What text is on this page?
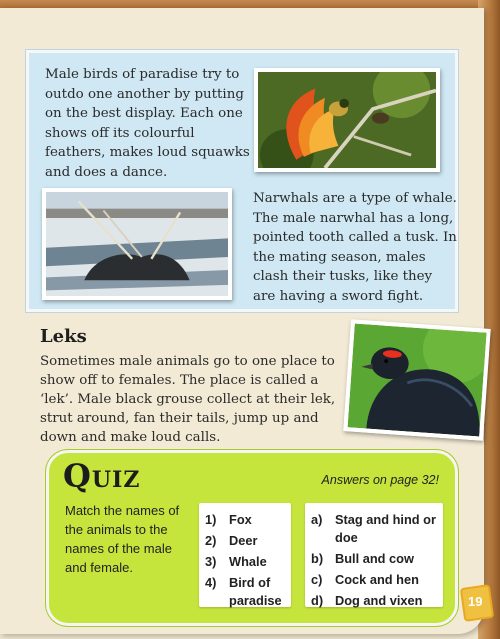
Male birds of paradise try to outdo one another by putting on the best display. Each one shows off its colourful feathers, makes loud squawks and does a dance.

Narwhals are a type of whale. The male narwhal has a long, pointed tooth called a tusk. In the mating season, males clash their tusks, like they are having a sword fight.

Leks

Sometimes male animals go to one place to show off to females. The place is called a ‘lek’. Male black grouse collect at their lek, strut around, fan their tails, jump up and down and make loud calls.

Quiz	Answers on page 32!

Match the names of the animals to the names of the male and female.

1) Fox
2) Deer
3) Whale
4) Bird of paradise
a) Stag and hind or doe
b) Bull and cow
c) Cock and hen
d) Dog and vixen	19
